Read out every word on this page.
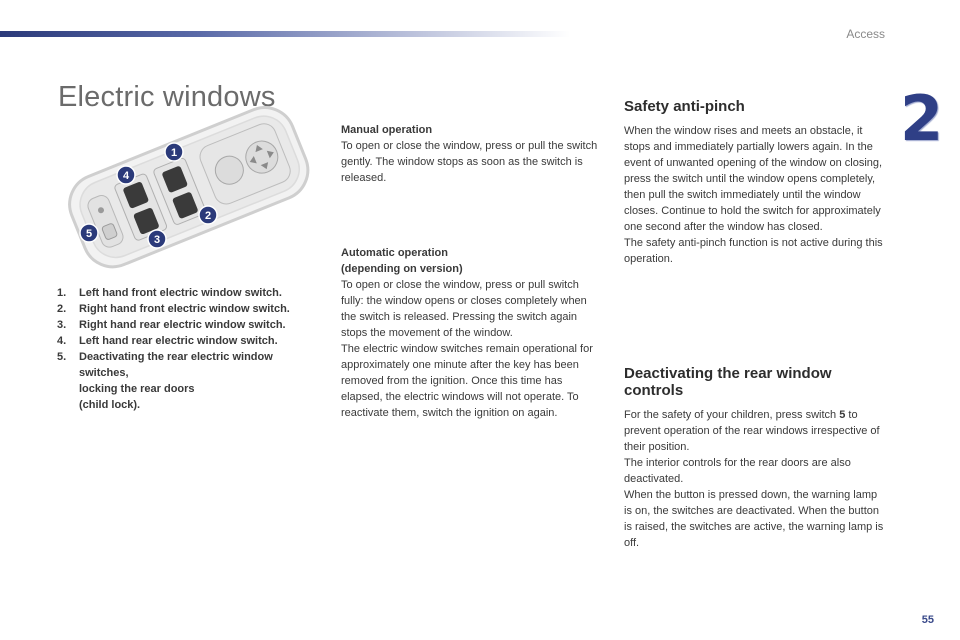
Access
2
Electric windows
1
2
3
4
5
1.	Left hand front electric window switch.
2.	Right hand front electric window switch.
3.	Right hand rear electric window switch.
4.	Left hand rear electric window switch.
5.	Deactivating the rear electric window switches,
locking the rear doors
(child lock).
Manual operation
To open or close the window, press or pull the switch gently. The window stops as soon as the switch is released.
Automatic operation
(depending on version)
To open or close the window, press or pull switch fully: the window opens or closes completely when the switch is released. Pressing the switch again stops the movement of the window.
The electric window switches remain operational for approximately one minute after the key has been removed from the ignition. Once this time has elapsed, the electric windows will not operate. To reactivate them, switch the ignition on again.
Safety anti-pinch
When the window rises and meets an obstacle, it stops and immediately partially lowers again. In the event of unwanted opening of the window on closing, press the switch until the window opens completely, then pull the switch immediately until the window closes. Continue to hold the switch for approximately one second after the window has closed.
The safety anti-pinch function is not active during this operation.
Deactivating the rear window controls
For the safety of your children, press switch 5 to prevent operation of the rear windows irrespective of their position.
The interior controls for the rear doors are also deactivated.
When the button is pressed down, the warning lamp is on, the switches are deactivated. When the button is raised, the switches are active, the warning lamp is off.
55
